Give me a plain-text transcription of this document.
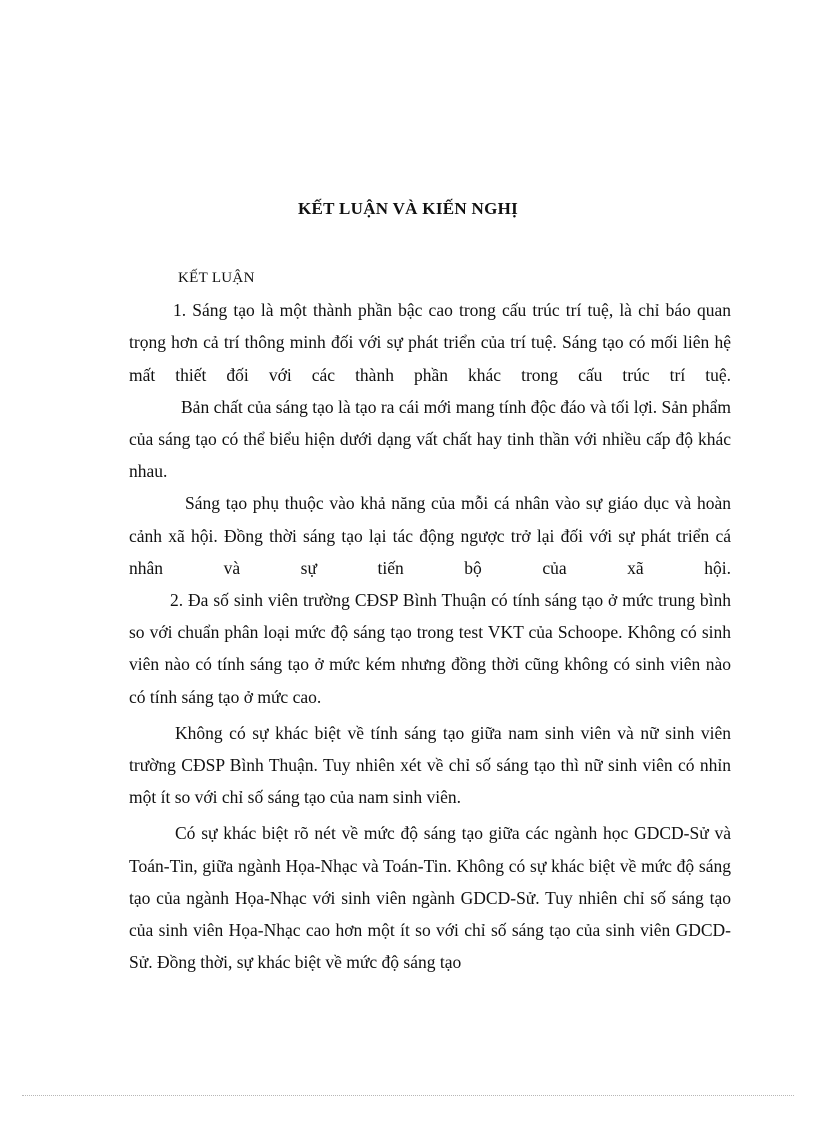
KẾT LUẬN VÀ KIẾN NGHỊ

KẾT LUẬN

1. Sáng tạo là một thành phần bậc cao trong cấu trúc trí tuệ, là chỉ báo quan trọng hơn cả trí thông minh đối với sự phát triển của trí tuệ. Sáng tạo có mối liên hệ mất thiết đối với các thành phần khác trong cấu trúc trí tuệ.

Bản chất của sáng tạo là tạo ra cái mới mang tính độc đáo và tối lợi. Sản phẩm của sáng tạo có thể biểu hiện dưới dạng vất chất hay tinh thần với nhiều cấp độ khác nhau.

Sáng tạo phụ thuộc vào khả năng của mỗi cá nhân vào sự giáo dục và hoàn cảnh xã hội. Đồng thời sáng tạo lại tác động ngược trở lại đối với sự phát triển cá nhân và sự tiến bộ của xã hội.

2. Đa số sinh viên trường CĐSP Bình Thuận có tính sáng tạo ở mức trung bình so với chuẩn phân loại mức độ sáng tạo trong test VKT của Schoope. Không có sinh viên nào có tính sáng tạo ở mức kém nhưng đồng thời cũng không có sinh viên nào có tính sáng tạo ở mức cao.

Không có sự khác biệt về tính sáng tạo giữa nam sinh viên và nữ sinh viên trường CĐSP Bình Thuận. Tuy nhiên xét về chỉ số sáng tạo thì nữ sinh viên có nhỉn một ít so với chỉ số sáng tạo của nam sinh viên.

Có sự khác biệt rõ nét về mức độ sáng tạo giữa các ngành học GDCD-Sử và Toán-Tin, giữa ngành Họa-Nhạc và Toán-Tin. Không có sự khác biệt về mức độ sáng tạo của ngành Họa-Nhạc với sinh viên ngành GDCD-Sử. Tuy nhiên chỉ số sáng tạo của sinh viên Họa-Nhạc cao hơn một ít so với chỉ số sáng tạo của sinh viên GDCD-Sử. Đồng thời, sự khác biệt về mức độ sáng tạo
